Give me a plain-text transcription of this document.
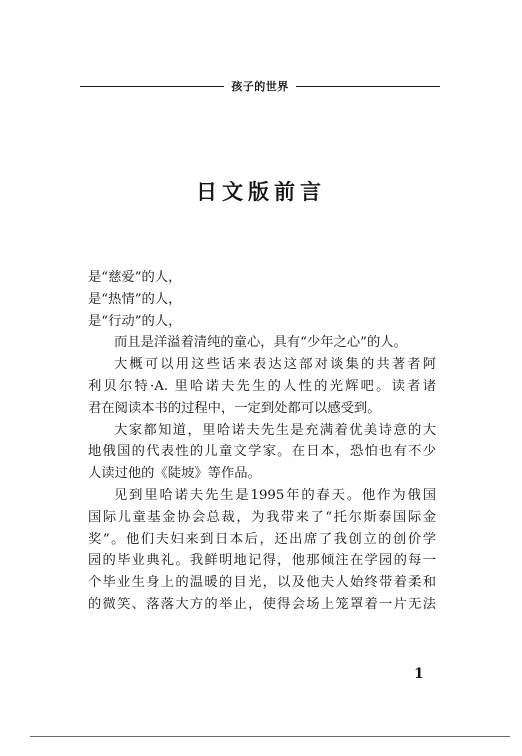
孩子的世界
日文版前言
是“慈爱”的人，
是“热情”的人，
是“行动”的人，
而且是洋溢着清纯的童心，具有“少年之心”的人。
大概可以用这些话来表达这部对谈集的共著者阿
利贝尔特·A. 里哈诺夫先生的人性的光辉吧。读者诸
君在阅读本书的过程中，一定到处都可以感受到。
大家都知道，里哈诺夫先生是充满着优美诗意的大
地俄国的代表性的儿童文学家。在日本，恐怕也有不少
人读过他的《陡坡》等作品。
见到里哈诺夫先生是1995年的春天。他作为俄国
国际儿童基金协会总裁，为我带来了“托尔斯泰国际金
奖”。他们夫妇来到日本后，还出席了我创立的创价学
园的毕业典礼。我鲜明地记得，他那倾注在学园的每一
个毕业生身上的温暖的目光，以及他夫人始终带着柔和
的微笑、落落大方的举止，使得会场上笼罩着一片无法
1
